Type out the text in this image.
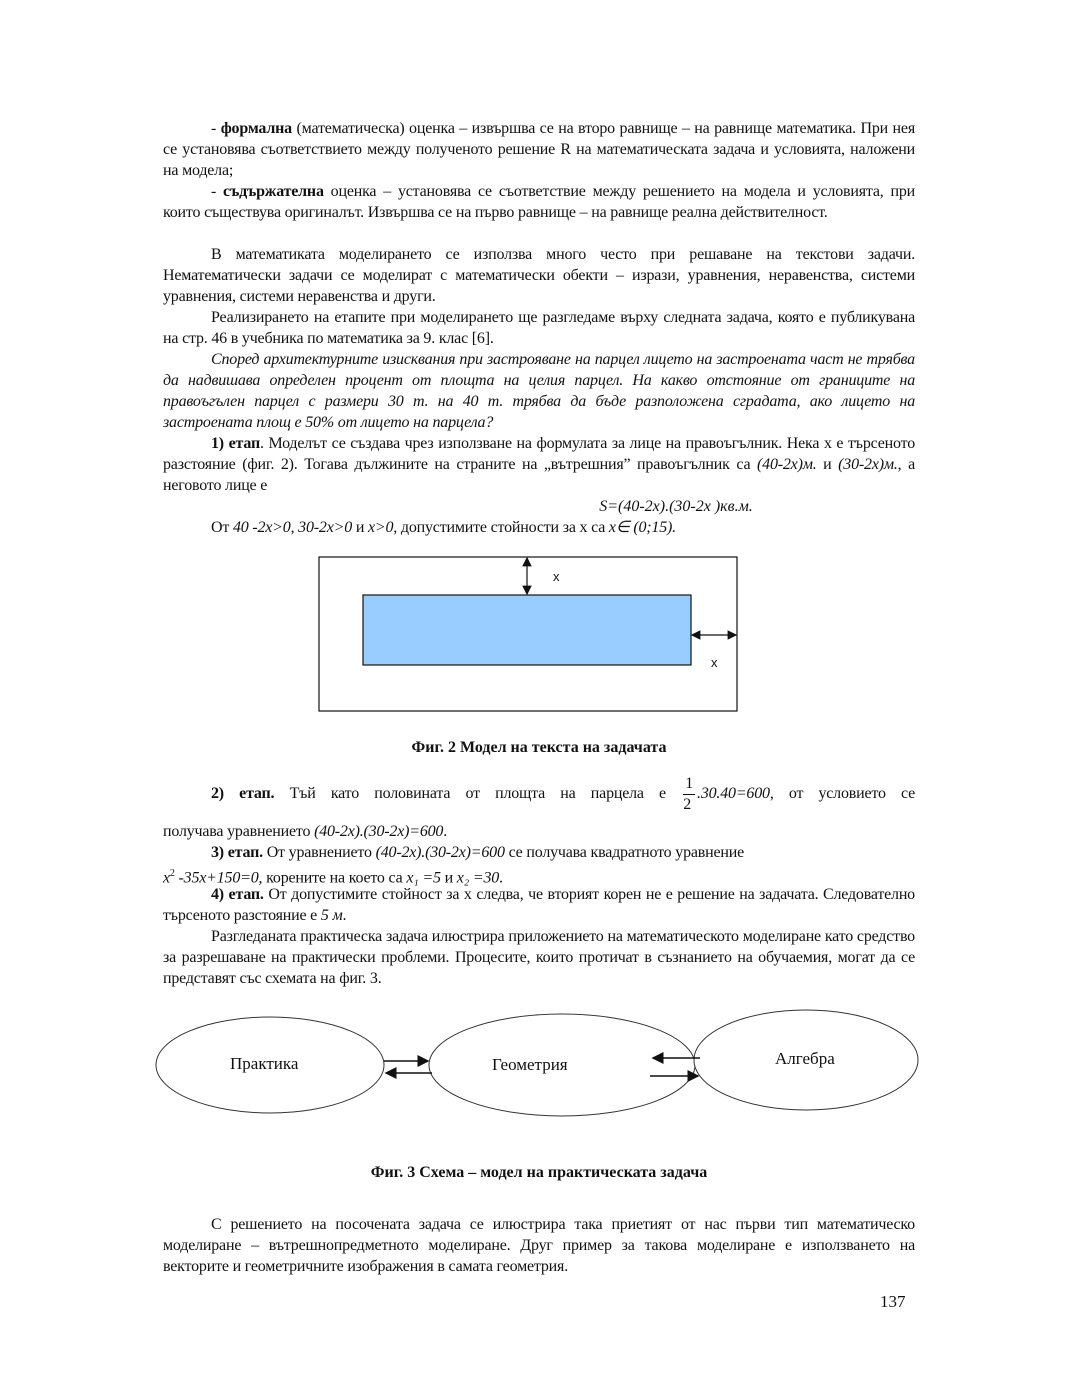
- формална (математическа) оценка – извършва се на второ равнище – на равнище математика. При нея се установява съответствието между полученото решение R на математическата задача и условията, наложени на модела;
- съдържателна оценка – установява се съответствие между решението на модела и условията, при които съществува оригиналът. Извършва се на първо равнище – на равнище реална действителност.
В математиката моделирането се използва много често при решаване на текстови задачи. Нематематически задачи се моделират с математически обекти – изрази, уравнения, неравенства, системи уравнения, системи неравенства и други.
Реализирането на етапите при моделирането ще разгледаме върху следната задача, която е публикувана на стр. 46 в учебника по математика за 9. клас [6].
Според архитектурните изисквания при застрояване на парцел лицето на застроената част не трябва да надвишава определен процент от площта на целия парцел. На какво отстояние от границите на правоъгълен парцел с размери 30 т. на 40 т. трябва да бъде разположена сградата, ако лицето на застроената площ е 50% от лицето на парцела?
1) етап. Моделът се създава чрез използване на формулата за лице на правоъгълник. Нека x е търсеното разстояние (фиг. 2). Тогава дължините на страните на „вътрешния” правоъгълник са (40-2x)м. и (30-2x)м., а неговото лице е
S=(40-2x).(30-2x )кв.м.
От 40 -2x>0, 30-2x>0 и x>0, допустимите стойности за x са x∈ (0;15).
x
x
Фиг. 2 Модел на текста на задачата
2) етап. Тъй като половината от площта на парцела е $\frac{1}{2} .30.40=600$, от условието се
получава уравнението (40-2x).(30-2x)=600.
3) етап. От уравнението (40-2x).(30-2x)=600 се получава квадратното уравнение
$x^2$ -35x+150=0, корените на което са x₁ =5 и x₂ =30.
4) етап. От допустимите стойност за x следва, че вторият корен не е решение на задачата. Следователно търсеното разстояние е 5 м.
Разгледаната практическа задача илюстрира приложението на математическото моделиране като средство за разрешаване на практически проблеми. Процесите, които протичат в съзнанието на обучаемия, могат да се представят със схемата на фиг. 3.
Практика	Геометрия	Алгебра
Фиг. 3 Схема – модел на практическата задача
С решението на посочената задача се илюстрира така приетият от нас първи тип математическо моделиране – вътрешнопредметното моделиране. Друг пример за такова моделиране е използването на векторите и геометричните изображения в самата геометрия.
137
